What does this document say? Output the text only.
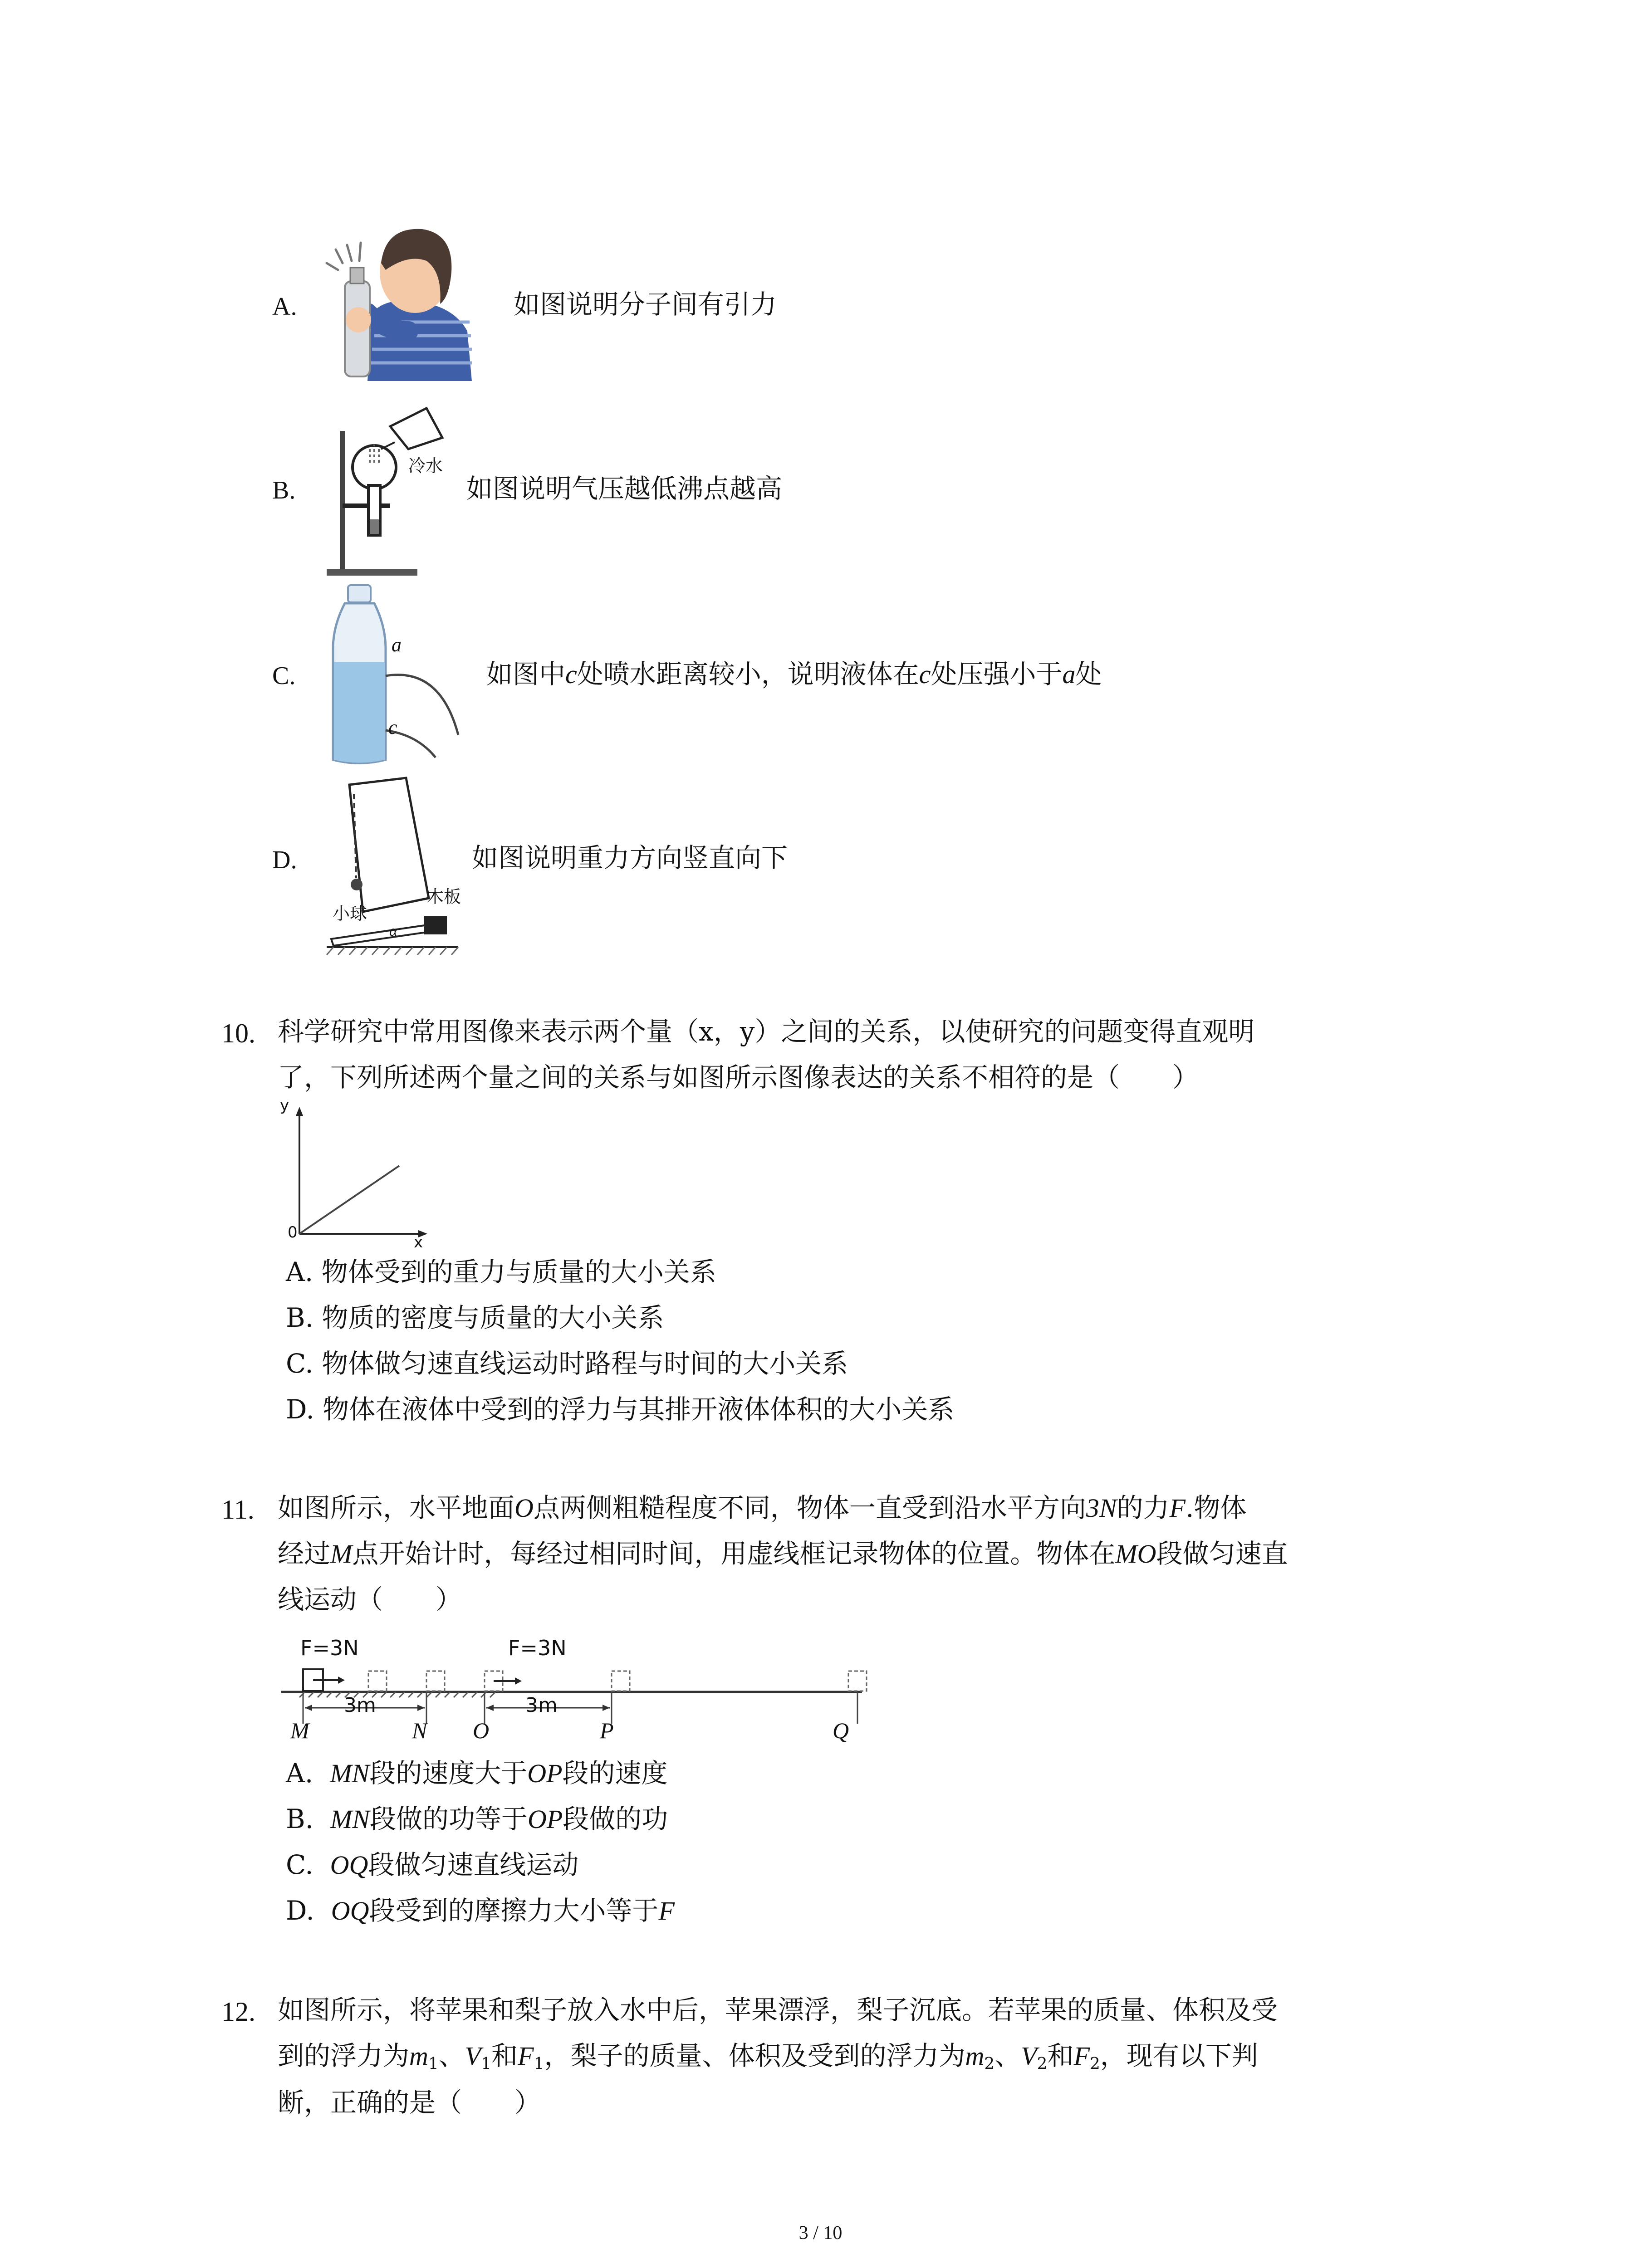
A.	如图说明分子间有引力
B.
冷水
如图说明气压越低沸点越高
C.
a
c
如图中c处喷水距离较小，说明液体在c处压强小于a处
D.
小球
木板
α
如图说明重力方向竖直向下
10. 科学研究中常用图像来表示两个量（x，y）之间的关系，以使研究的问题变得直观明
了，下列所述两个量之间的关系与如图所示图像表达的关系不相符的是（　　）
y
x
0
A. 物体受到的重力与质量的大小关系
B. 物质的密度与质量的大小关系
C. 物体做匀速直线运动时路程与时间的大小关系
D. 物体在液体中受到的浮力与其排开液体体积的大小关系
11. 如图所示，水平地面O点两侧粗糙程度不同，物体一直受到沿水平方向3N的力F.物体
经过M点开始计时，每经过相同时间，用虚线框记录物体的位置。物体在MO段做匀速直
线运动（　　）
F=3N	F=3N
3m	3m
M	N O	P	Q
A. MN段的速度大于OP段的速度
B. MN段做的功等于OP段做的功
C. OQ段做匀速直线运动
D. OQ段受到的摩擦力大小等于F
12. 如图所示，将苹果和梨子放入水中后，苹果漂浮，梨子沉底。若苹果的质量、体积及受
到的浮力为$m_1$、$V_1$和$F_1$，梨子的质量、体积及受到的浮力为$m_2$、$V_2$和$F_2$，现有以下判
断，正确的是（　　）
3 / 10
